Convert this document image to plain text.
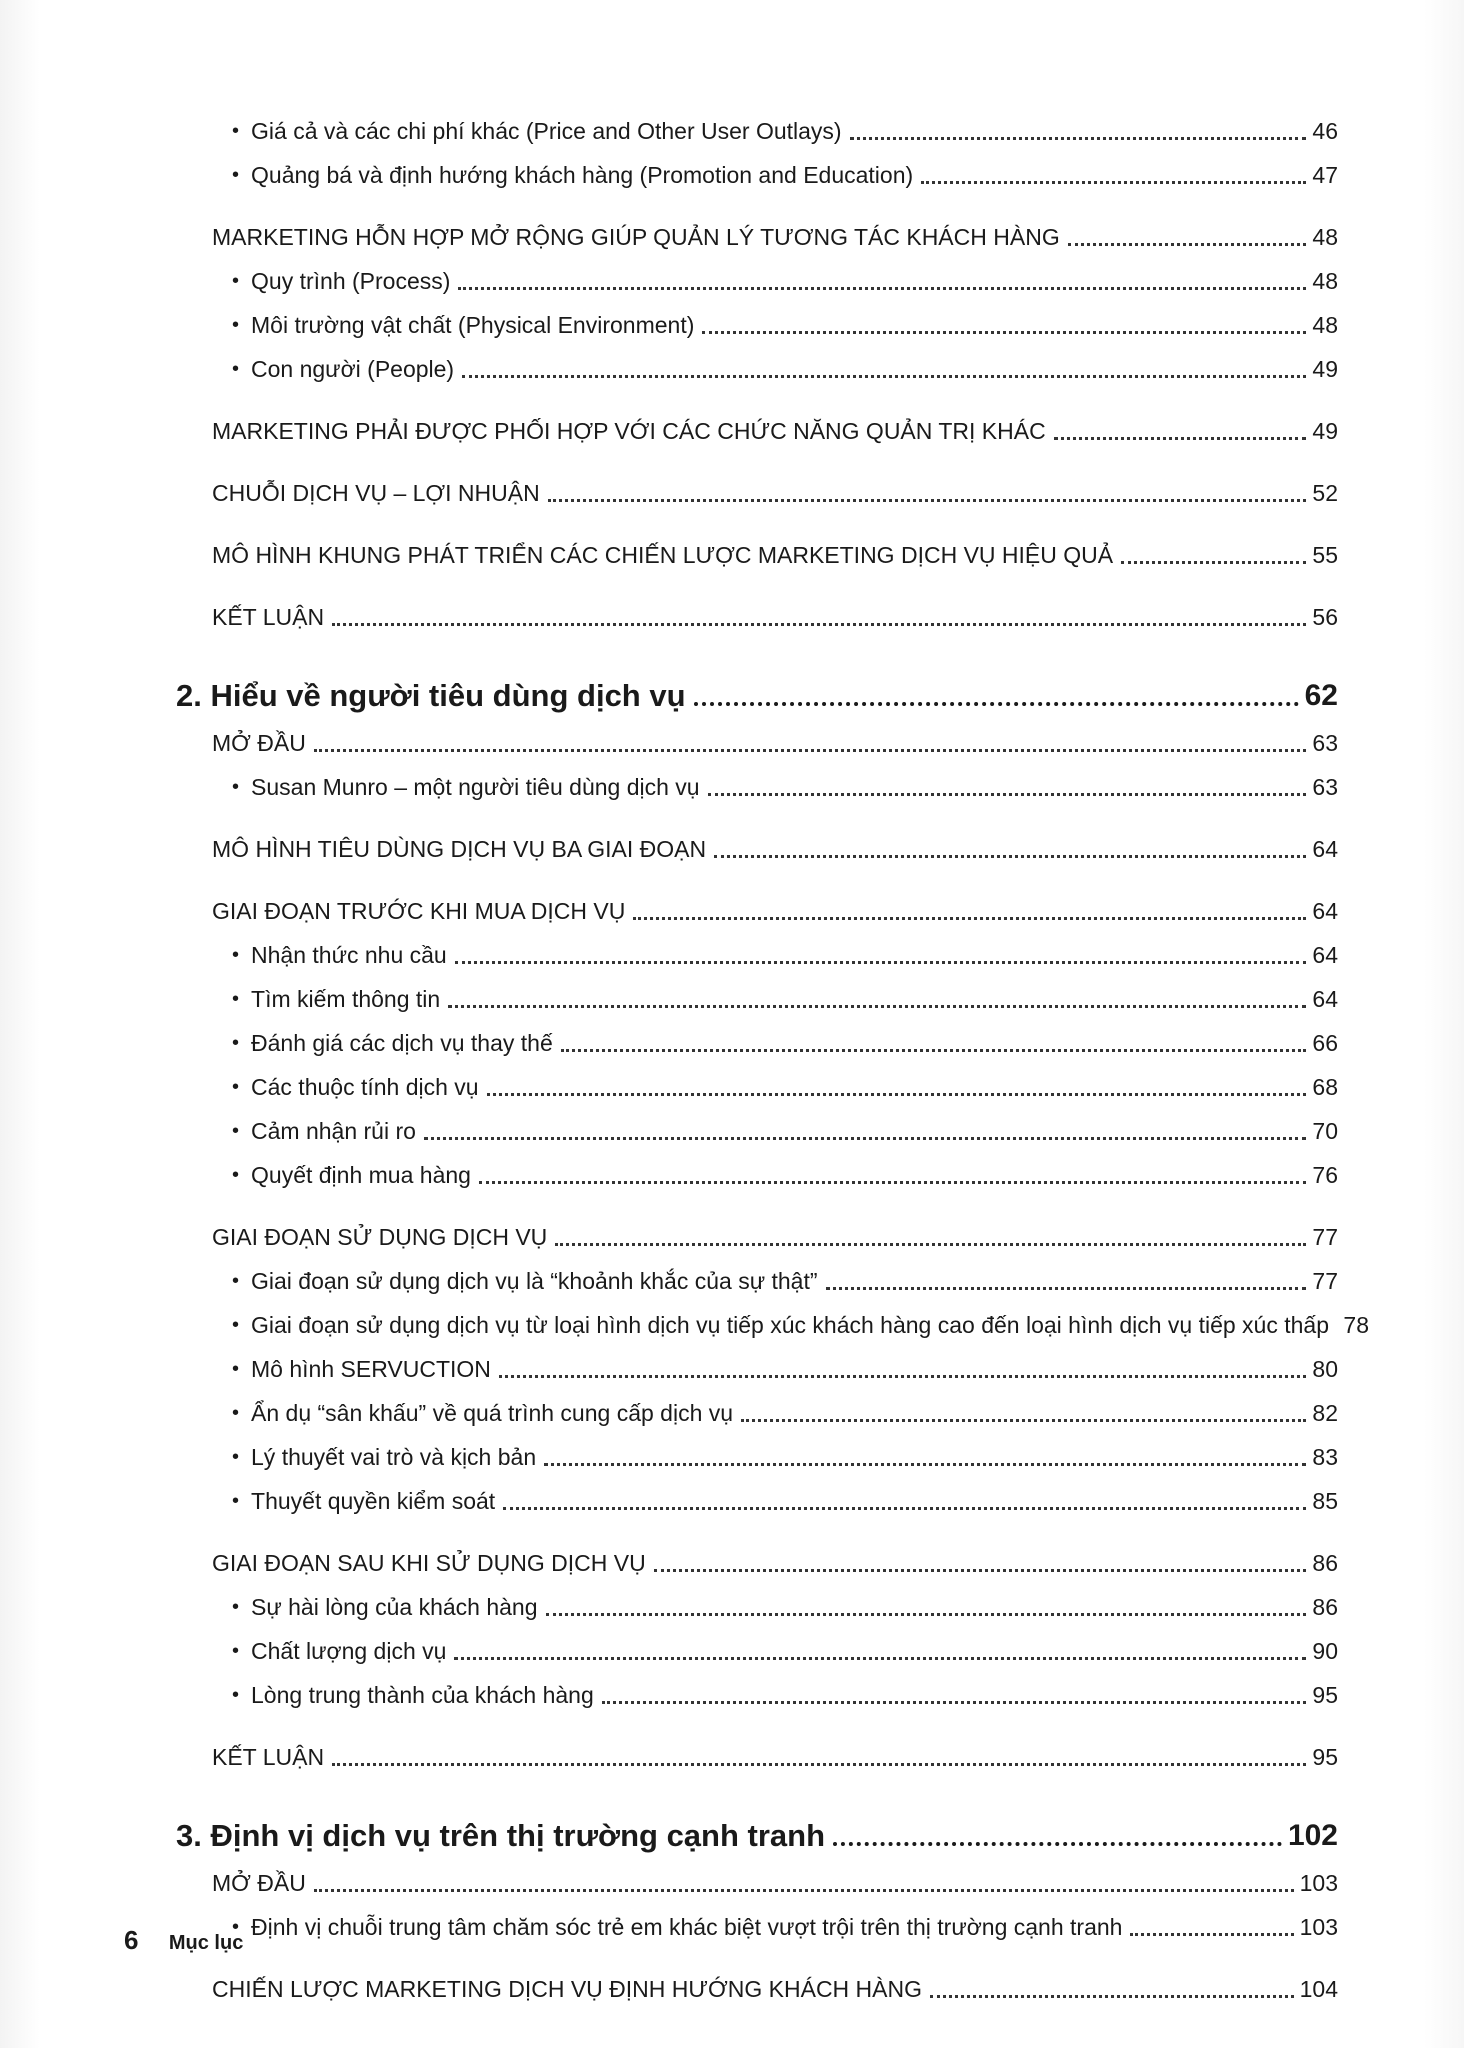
• Giá cả và các chi phí khác (Price and Other User Outlays)	46
• Quảng bá và định hướng khách hàng (Promotion and Education)	47
MARKETING HỖN HỢP MỞ RỘNG GIÚP QUẢN LÝ TƯƠNG TÁC KHÁCH HÀNG	48
• Quy trình (Process)	48
• Môi trường vật chất (Physical Environment)	48
• Con người (People)	49
MARKETING PHẢI ĐƯỢC PHỐI HỢP VỚI CÁC CHỨC NĂNG QUẢN TRỊ KHÁC	49
CHUỖI DỊCH VỤ – LỢI NHUẬN	52
MÔ HÌNH KHUNG PHÁT TRIỂN CÁC CHIẾN LƯỢC MARKETING DỊCH VỤ HIỆU QUẢ	55
KẾT LUẬN	56
2. Hiểu về người tiêu dùng dịch vụ	62
MỞ ĐẦU	63
• Susan Munro – một người tiêu dùng dịch vụ	63
MÔ HÌNH TIÊU DÙNG DỊCH VỤ BA GIAI ĐOẠN	64
GIAI ĐOẠN TRƯỚC KHI MUA DỊCH VỤ	64
• Nhận thức nhu cầu	64
• Tìm kiếm thông tin	64
• Đánh giá các dịch vụ thay thế	66
• Các thuộc tính dịch vụ	68
• Cảm nhận rủi ro	70
• Quyết định mua hàng	76
GIAI ĐOẠN SỬ DỤNG DỊCH VỤ	77
• Giai đoạn sử dụng dịch vụ là “khoảnh khắc của sự thật”	77
• Giai đoạn sử dụng dịch vụ từ loại hình dịch vụ tiếp xúc khách hàng cao đến loại hình dịch vụ tiếp xúc thấp 78
• Mô hình SERVUCTION	80
• Ẩn dụ “sân khấu” về quá trình cung cấp dịch vụ	82
• Lý thuyết vai trò và kịch bản	83
• Thuyết quyền kiểm soát	85
GIAI ĐOẠN SAU KHI SỬ DỤNG DỊCH VỤ	86
• Sự hài lòng của khách hàng	86
• Chất lượng dịch vụ	90
• Lòng trung thành của khách hàng	95
KẾT LUẬN	95
3. Định vị dịch vụ trên thị trường cạnh tranh	102
MỞ ĐẦU	103
• Định vị chuỗi trung tâm chăm sóc trẻ em khác biệt vượt trội trên thị trường cạnh tranh	103
CHIẾN LƯỢC MARKETING DỊCH VỤ ĐỊNH HƯỚNG KHÁCH HÀNG	104
6 Mục lục
